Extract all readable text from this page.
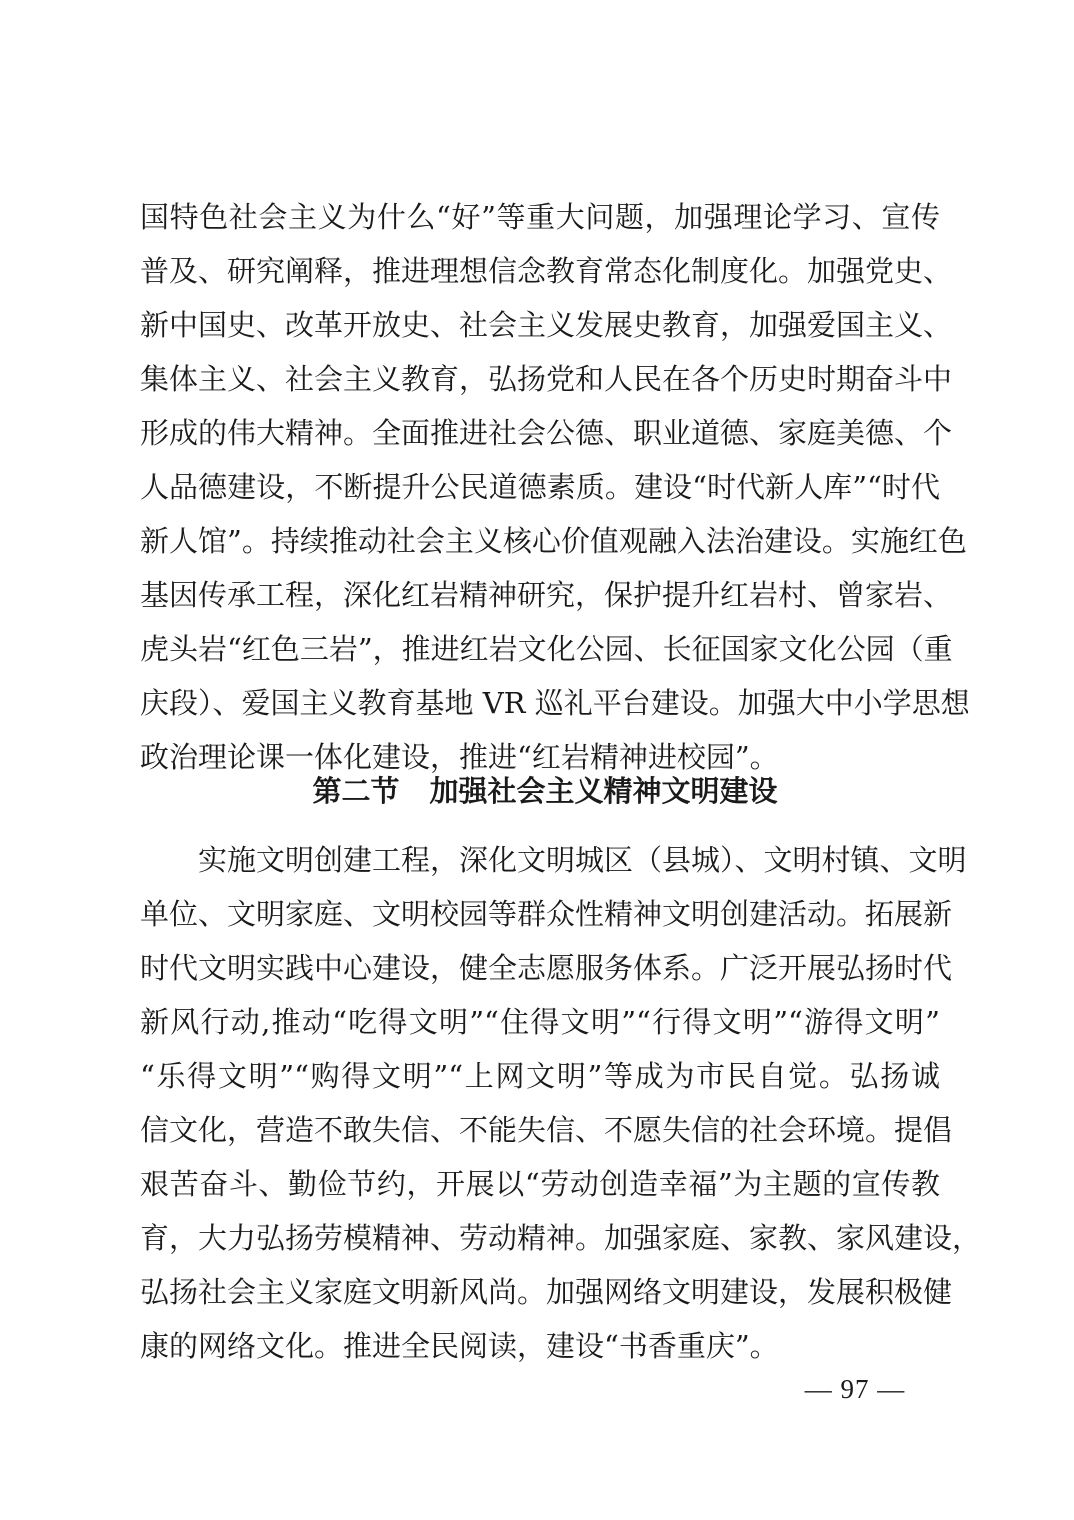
国特色社会主义为什么“好”等重大问题，加强理论学习、宣传
普及、研究阐释，推进理想信念教育常态化制度化。加强党史、
新中国史、改革开放史、社会主义发展史教育，加强爱国主义、
集体主义、社会主义教育，弘扬党和人民在各个历史时期奋斗中
形成的伟大精神。全面推进社会公德、职业道德、家庭美德、个
人品德建设，不断提升公民道德素质。建设“时代新人库”“时代
新人馆”。持续推动社会主义核心价值观融入法治建设。实施红色
基因传承工程，深化红岩精神研究，保护提升红岩村、曾家岩、
虎头岩“红色三岩”，推进红岩文化公园、长征国家文化公园（重
庆段）、爱国主义教育基地 VR 巡礼平台建设。加强大中小学思想
政治理论课一体化建设，推进“红岩精神进校园”。
第二节 加强社会主义精神文明建设
　　实施文明创建工程，深化文明城区（县城）、文明村镇、文明
单位、文明家庭、文明校园等群众性精神文明创建活动。拓展新
时代文明实践中心建设，健全志愿服务体系。广泛开展弘扬时代
新风行动,推动“吃得文明”“住得文明”“行得文明”“游得文明”
“乐得文明”“购得文明”“上网文明”等成为市民自觉。弘扬诚
信文化，营造不敢失信、不能失信、不愿失信的社会环境。提倡
艰苦奋斗、勤俭节约，开展以“劳动创造幸福”为主题的宣传教
育，大力弘扬劳模精神、劳动精神。加强家庭、家教、家风建设，
弘扬社会主义家庭文明新风尚。加强网络文明建设，发展积极健
康的网络文化。推进全民阅读，建设“书香重庆”。
— 97 —
